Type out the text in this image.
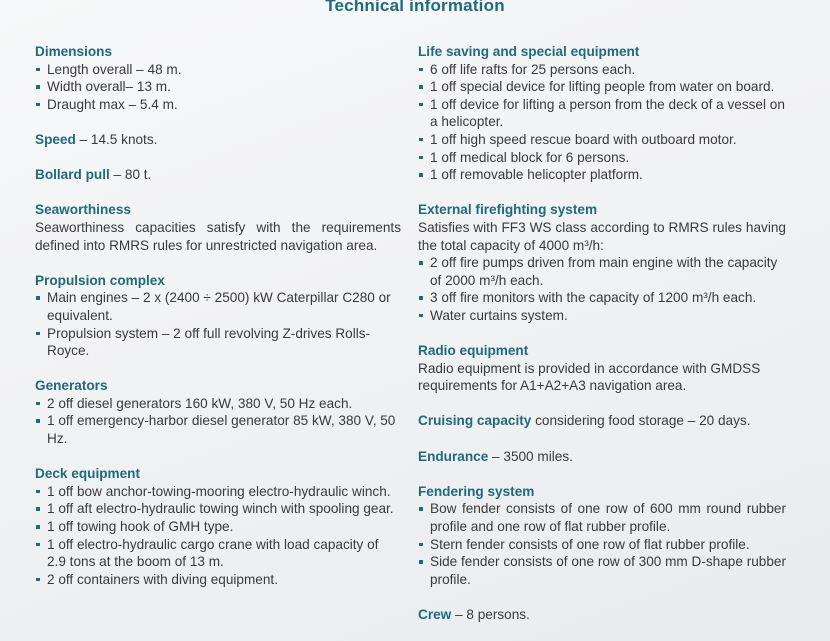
Technical information
Dimensions
Length overall – 48 m.
Width overall– 13 m.
Draught max – 5.4 m.
Speed – 14.5 knots.
Bollard pull – 80 t.
Seaworthiness
Seaworthiness capacities satisfy with the requirements defined into RMRS rules for unrestricted navigation area.
Propulsion complex
Main engines – 2 x (2400 ÷ 2500) kW Caterpillar C280 or equivalent.
Propulsion system – 2 off full revolving Z-drives Rolls-Royce.
Generators
2 off diesel generators 160 kW, 380 V, 50 Hz each.
1 off emergency-harbor diesel generator 85 kW, 380 V, 50 Hz.
Deck equipment
1 off bow anchor-towing-mooring electro-hydraulic winch.
1 off aft electro-hydraulic towing winch with spooling gear.
1 off towing hook of GMH type.
1 off electro-hydraulic cargo crane with load capacity of 2.9 tons at the boom of 13 m.
2 off containers with diving equipment.
Life saving and special equipment
6 off life rafts for 25 persons each.
1 off special device for lifting people from water on board.
1 off device for lifting a person from the deck of a vessel on a helicopter.
1 off high speed rescue board with outboard motor.
1 off medical block for 6 persons.
1 off removable helicopter platform.
External firefighting system
Satisfies with FF3 WS class according to RMRS rules having the total capacity of 4000 m³/h:
2 off fire pumps driven from main engine with the capacity of 2000 m³/h each.
3 off fire monitors with the capacity of 1200 m³/h each.
Water curtains system.
Radio equipment
Radio equipment is provided in accordance with GMDSS requirements for A1+A2+A3 navigation area.
Cruising capacity considering food storage – 20 days.
Endurance – 3500 miles.
Fendering system
Bow fender consists of one row of 600 mm round rubber profile and one row of flat rubber profile.
Stern fender consists of one row of flat rubber profile.
Side fender consists of one row of 300 mm D-shape rubber profile.
Crew – 8 persons.
